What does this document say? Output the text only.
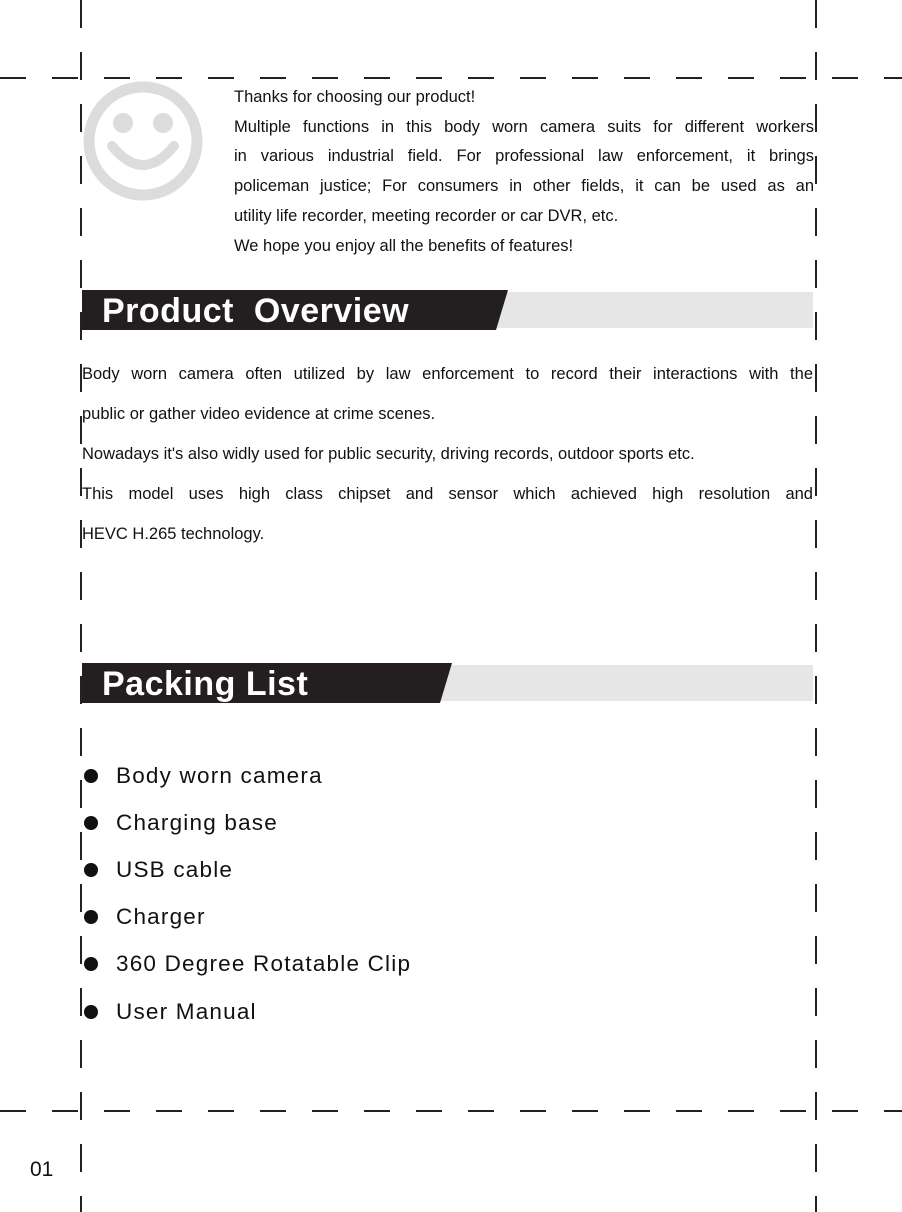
Thanks for choosing our product!

Multiple functions in this body worn camera suits for different workers

in various industrial field. For professional law enforcement, it brings

policeman justice; For consumers in other fields, it can be used as an

utility life recorder, meeting recorder or car DVR, etc.

We hope you enjoy all the benefits of features!

Product  Overview

Body worn camera often utilized by law enforcement to record their interactions with the

public or gather video evidence at crime scenes.

Nowadays it's also widly used for public security, driving records, outdoor sports etc.

This model uses high class chipset and sensor which achieved high resolution and

HEVC H.265 technology.

Packing List
Body worn camera
Charging base
USB cable
Charger
360 Degree Rotatable Clip
User Manual
01
